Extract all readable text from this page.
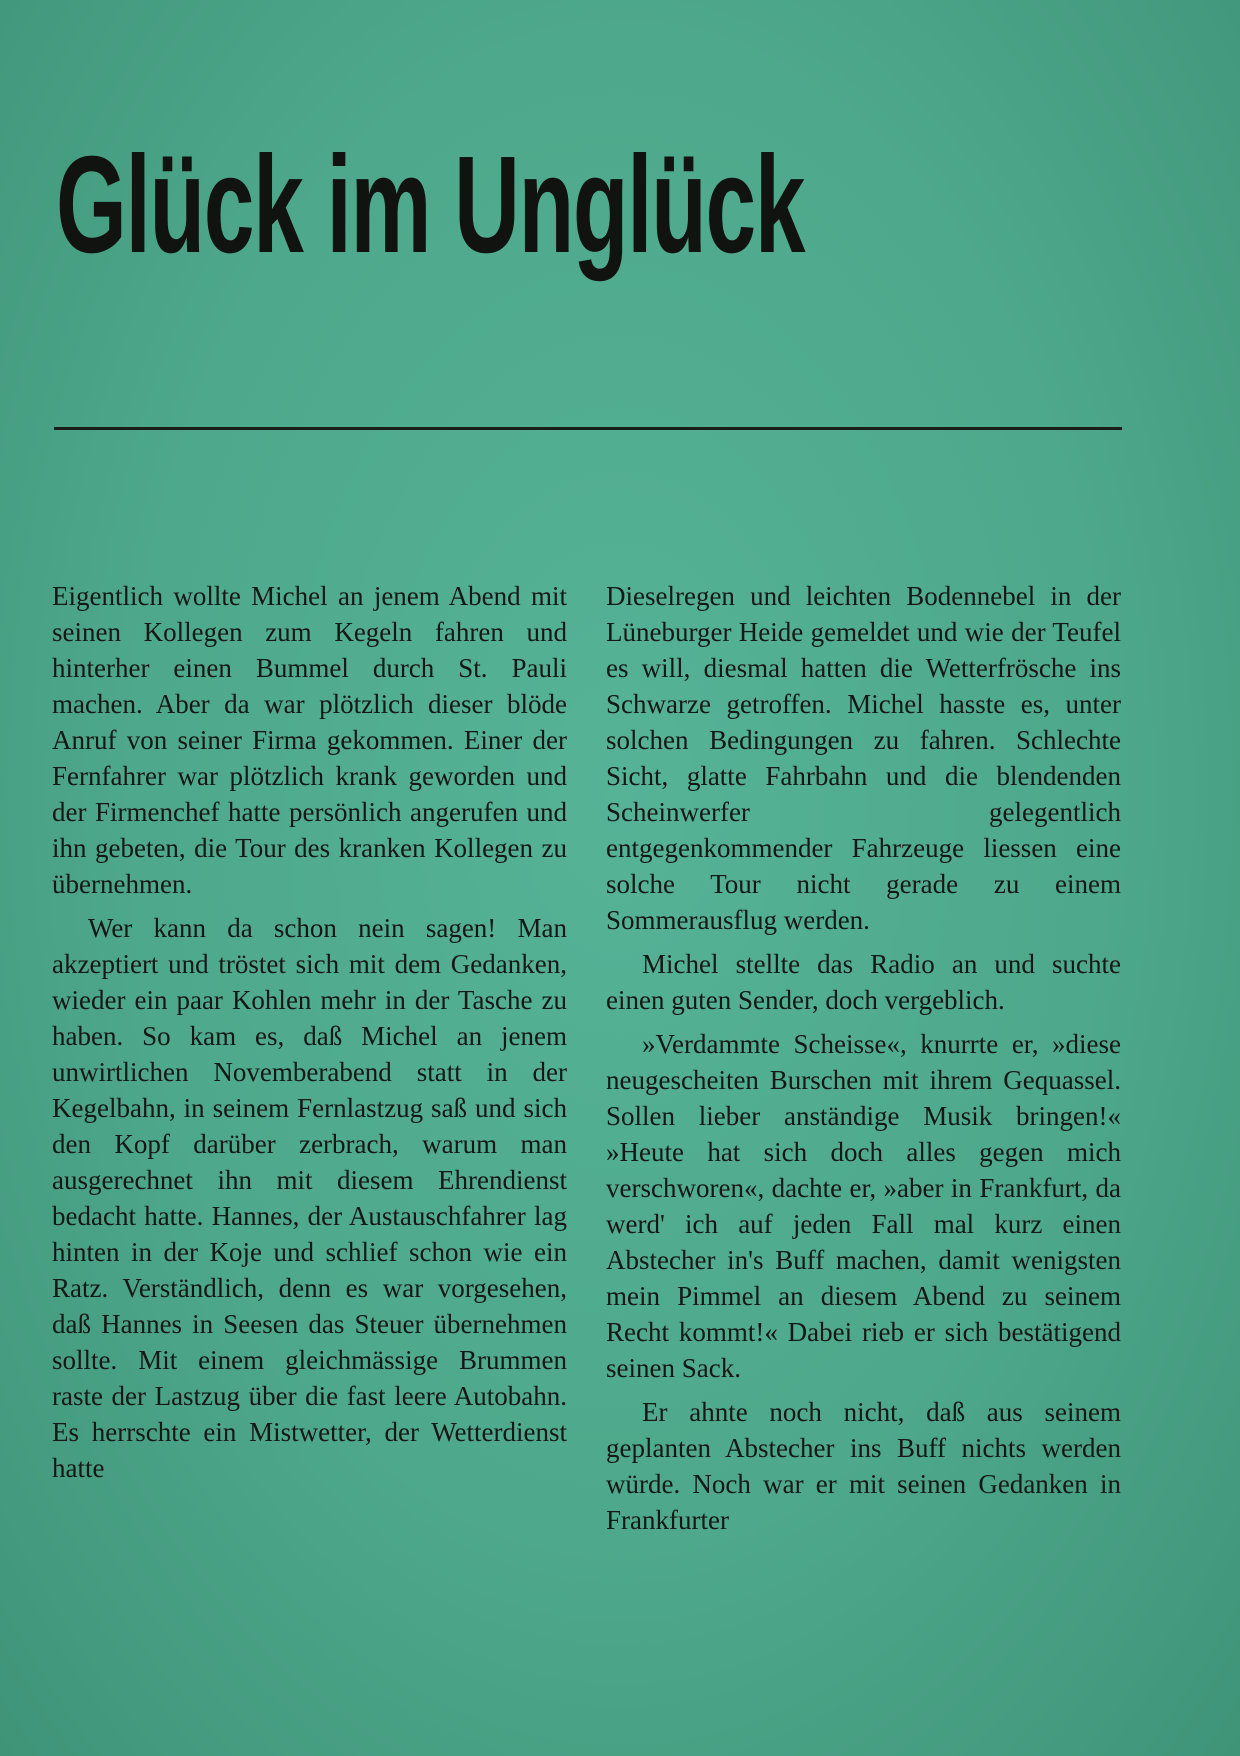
Glück im Unglück

Eigentlich wollte Michel an jenem Abend mit seinen Kollegen zum Kegeln fahren und hinterher einen Bummel durch St. Pauli machen. Aber da war plötzlich dieser blöde Anruf von seiner Firma gekommen. Einer der Fernfahrer war plötzlich krank geworden und der Firmenchef hatte persönlich angerufen und ihn gebeten, die Tour des kranken Kollegen zu übernehmen.

Wer kann da schon nein sagen! Man akzeptiert und tröstet sich mit dem Gedanken, wieder ein paar Kohlen mehr in der Tasche zu haben. So kam es, daß Michel an jenem unwirtlichen Novemberabend statt in der Kegelbahn, in seinem Fernlastzug saß und sich den Kopf darüber zerbrach, warum man ausgerechnet ihn mit diesem Ehrendienst bedacht hatte. Hannes, der Austauschfahrer lag hinten in der Koje und schlief schon wie ein Ratz. Verständlich, denn es war vorgesehen, daß Hannes in Seesen das Steuer übernehmen sollte. Mit einem gleichmässige Brummen raste der Lastzug über die fast leere Autobahn. Es herrschte ein Mistwetter, der Wetterdienst hatte

Dieselregen und leichten Bodennebel in der Lüneburger Heide gemeldet und wie der Teufel es will, diesmal hatten die Wetterfrösche ins Schwarze getroffen. Michel hasste es, unter solchen Bedingungen zu fahren. Schlechte Sicht, glatte Fahrbahn und die blendenden Scheinwerfer gelegentlich entgegenkommender Fahrzeuge liessen eine solche Tour nicht gerade zu einem Sommerausflug werden.

Michel stellte das Radio an und suchte einen guten Sender, doch vergeblich.

»Verdammte Scheisse«, knurrte er, »diese neugescheiten Burschen mit ihrem Gequassel. Sollen lieber anständige Musik bringen!« »Heute hat sich doch alles gegen mich verschworen«, dachte er, »aber in Frankfurt, da werd' ich auf jeden Fall mal kurz einen Abstecher in's Buff machen, damit wenigsten mein Pimmel an diesem Abend zu seinem Recht kommt!« Dabei rieb er sich bestätigend seinen Sack.

Er ahnte noch nicht, daß aus seinem geplanten Abstecher ins Buff nichts werden würde. Noch war er mit seinen Gedanken in Frankfurter
